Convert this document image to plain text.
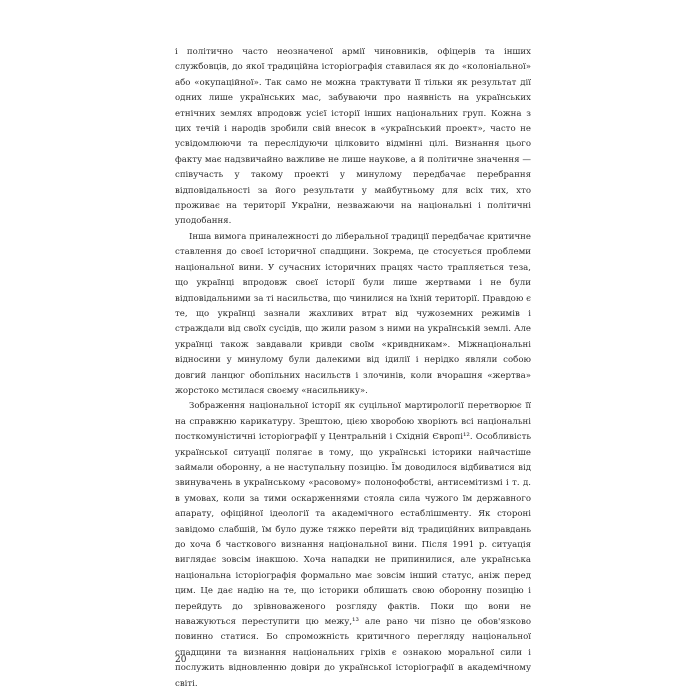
і політично часто неозначеної армії чиновників, офіцерів та інших службовців, до якої традиційна історіографія ставилася як до «колоніальної» або «окупаційної». Так само не можна трактувати її тільки як результат дії одних лише українських мас, забуваючи про наявність на українських етнічних землях впродовж усієї історії інших національних груп. Кожна з цих течій і народів зробили свій внесок в «український проект», часто не усвідомлюючи та переслідуючи цілковито відмінні цілі. Визнання цього факту має надзвичайно важливе не лише наукове, а й політичне значення — співучасть у такому проекті у минулому передбачає перебрання відповідальності за його результати у майбутньому для всіх тих, хто проживає на території України, незважаючи на національні і політичні уподобання.

Інша вимога приналежності до ліберальної традиції передбачає критичне ставлення до своєї історичної спадщини. Зокрема, це стосується проблеми національної вини. У сучасних історичних працях часто трапляється теза, що українці впродовж своєї історії були лише жертвами і не були відповідальними за ті насильства, що чинилися на їхній території. Правдою є те, що українці зазнали жахливих втрат від чужоземних режимів і страждали від своїх сусідів, що жили разом з ними на українській землі. Але українці також завдавали кривди своїм «кривдникам». Міжнаціональні відносини у минулому були далекими від ідилії і нерідко являли собою довгий ланцюг обопільних насильств і злочинів, коли вчорашня «жертва» жорстоко мстилася своєму «насильнику».

Зображення національної історії як суцільної мартирології перетворює її на справжню карикатуру. Зрештою, цією хворобою хворіють всі національні посткомуністичні історіографії у Центральній і Східній Європі¹². Особливість української ситуації полягає в тому, що українські історики найчастіше займали оборонну, а не наступальну позицію. Їм доводилося відбиватися від звинувачень в українському «расовому» полонофобстві, антисемітизмі і т. д. в умовах, коли за тими оскарженнями стояла сила чужого їм державного апарату, офіційної ідеології та академічного естаблішменту. Як стороні завідомо слабшій, їм було дуже тяжко перейти від традиційних виправдань до хоча б часткового визнання національної вини. Після 1991 р. ситуація виглядає зовсім інакшою. Хоча нападки не припинилися, але українська національна історіографія формально має зовсім інший статус, аніж перед цим. Це дає надію на те, що історики облишать свою оборонну позицію і перейдуть до зрівноваженого розгляду фактів. Поки що вони не наважуються переступити цю межу,¹³ але рано чи пізно це обов'язково повинно статися. Бо спроможність критичного перегляду національної спадщини та визнання національних гріхів є ознакою моральної сили і послужить відновленню довіри до української історіографії в академічному світі.

20
